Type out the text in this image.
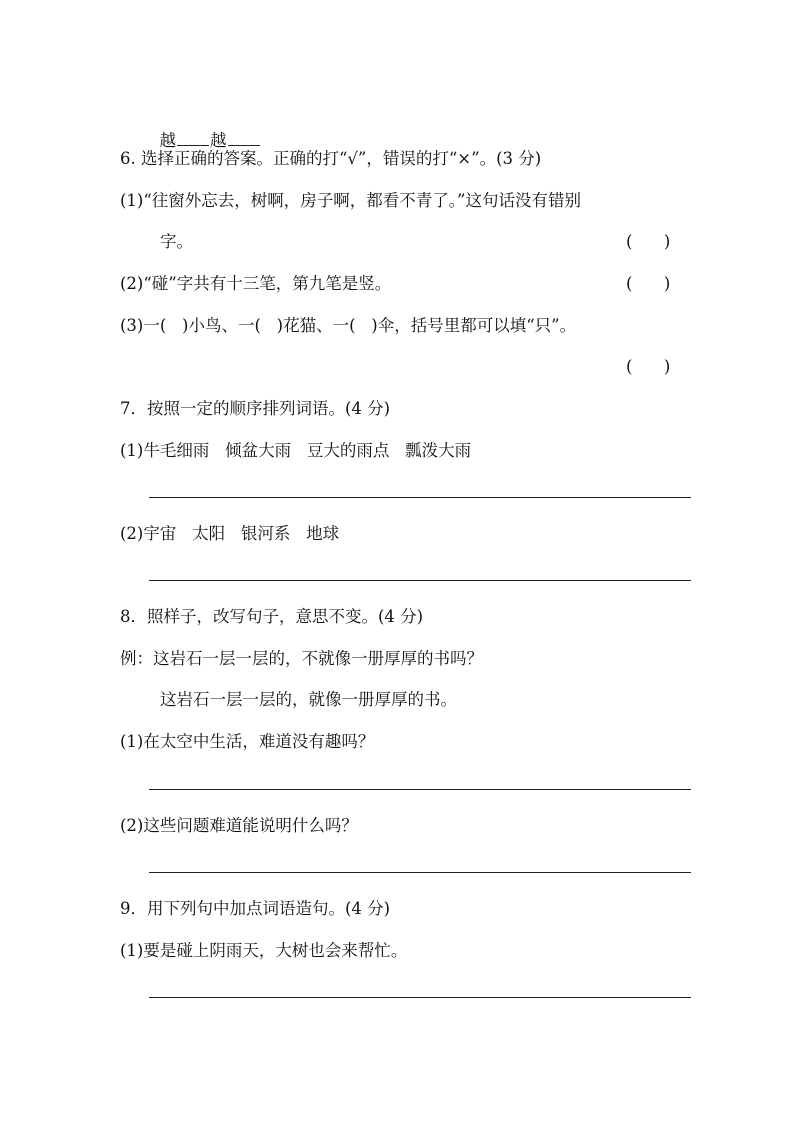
越 越

6. 选择正确的答案。正确的打“√”，错误的打“×”。(3 分)
(1)“往窗外忘去，树啊，房子啊，都看不青了。”这句话没有错别
字。	(      )
(2)“碰”字共有十三笔，第九笔是竖。	(      )
(3)一(   )小鸟、一(   )花猫、一(   )伞，括号里都可以填“只”。
(      )
7．按照一定的顺序排列词语。(4 分)
(1)牛毛细雨   倾盆大雨   豆大的雨点   瓢泼大雨
(2)宇宙   太阳   银河系   地球
8．照样子，改写句子，意思不变。(4 分)
例：这岩石一层一层的，不就像一册厚厚的书吗？
这岩石一层一层的，就像一册厚厚的书。
(1)在太空中生活，难道没有趣吗？
(2)这些问题难道能说明什么吗？
9．用下列句中加点词语造句。(4 分)
(1)要是碰上阴雨天，大树也会来帮忙。
